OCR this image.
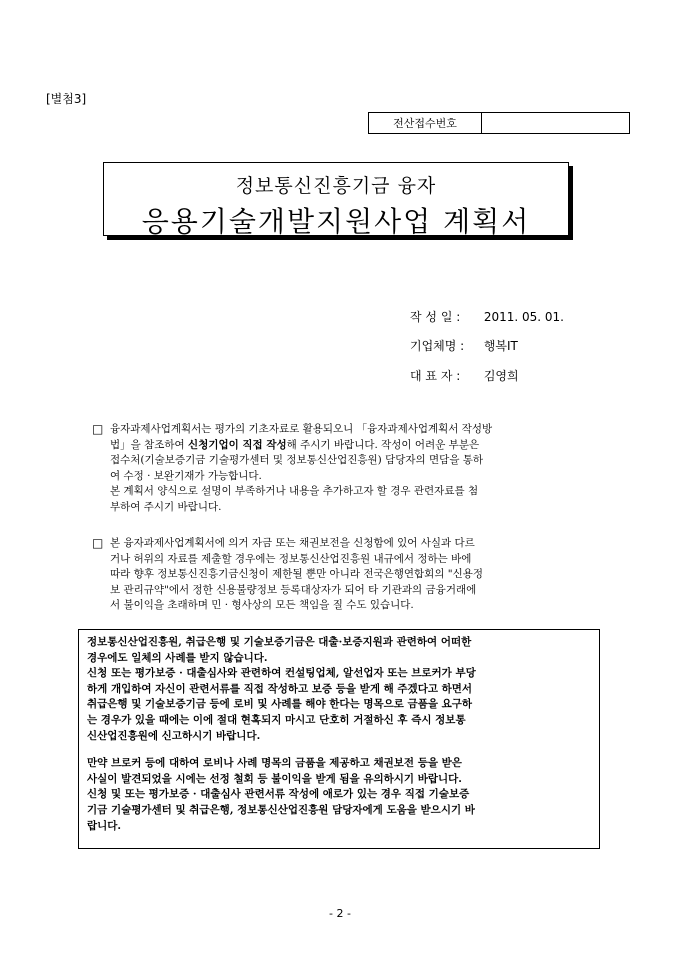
[별첨3]
전산접수번호
정보통신진흥기금 융자
응용기술개발지원사업 계획서
작 성 일 : 2011. 05. 01.
기업체명 : 행복IT
대 표 자 : 김영희
□ 융자과제사업계획서는 평가의 기초자료로 활용되오니 「융자과제사업계획서 작성방

법」을 참조하여 신청기업이 직접 작성해 주시기 바랍니다. 작성이 어려운 부분은

접수처(기술보증기금 기술평가센터 및 정보통신산업진흥원) 담당자의 면담을 통하

여 수정 · 보완기재가 가능합니다.

본 계획서 양식으로 설명이 부족하거나 내용을 추가하고자 할 경우 관련자료를 첨

부하여 주시기 바랍니다.

□ 본 융자과제사업계획서에 의거 자금 또는 채권보전을 신청함에 있어 사실과 다르

거나 허위의 자료를 제출할 경우에는 정보통신산업진흥원 내규에서 정하는 바에

따라 향후 정보통신진흥기금신청이 제한될 뿐만 아니라 전국은행연합회의 "신용정

보 관리규약"에서 정한 신용불량정보 등록대상자가 되어 타 기관과의 금융거래에

서 불이익을 초래하며 민 · 형사상의 모든 책임을 질 수도 있습니다.

정보통신산업진흥원, 취급은행 및 기술보증기금은 대출·보증지원과 관련하여 어떠한

경우에도 일체의 사례를 받지 않습니다.

신청 또는 평가보증 · 대출심사와 관련하여 컨설팅업체, 알선업자 또는 브로커가 부당

하게 개입하여 자신이 관련서류를 직접 작성하고 보증 등을 받게 해 주겠다고 하면서

취급은행 및 기술보증기금 등에 로비 및 사례를 해야 한다는 명목으로 금품을 요구하

는 경우가 있을 때에는 이에 절대 현혹되지 마시고 단호히 거절하신 후 즉시 정보통

신산업진흥원에 신고하시기 바랍니다.

만약 브로커 등에 대하여 로비나 사례 명목의 금품을 제공하고 채권보전 등을 받은

사실이 발견되었을 시에는 선정 철회 등 불이익을 받게 됨을 유의하시기 바랍니다.

신청 및 또는 평가보증 · 대출심사 관련서류 작성에 애로가 있는 경우 직접 기술보증

기금 기술평가센터 및 취급은행, 정보통신산업진흥원 담당자에게 도움을 받으시기 바

랍니다.

- 2 -
